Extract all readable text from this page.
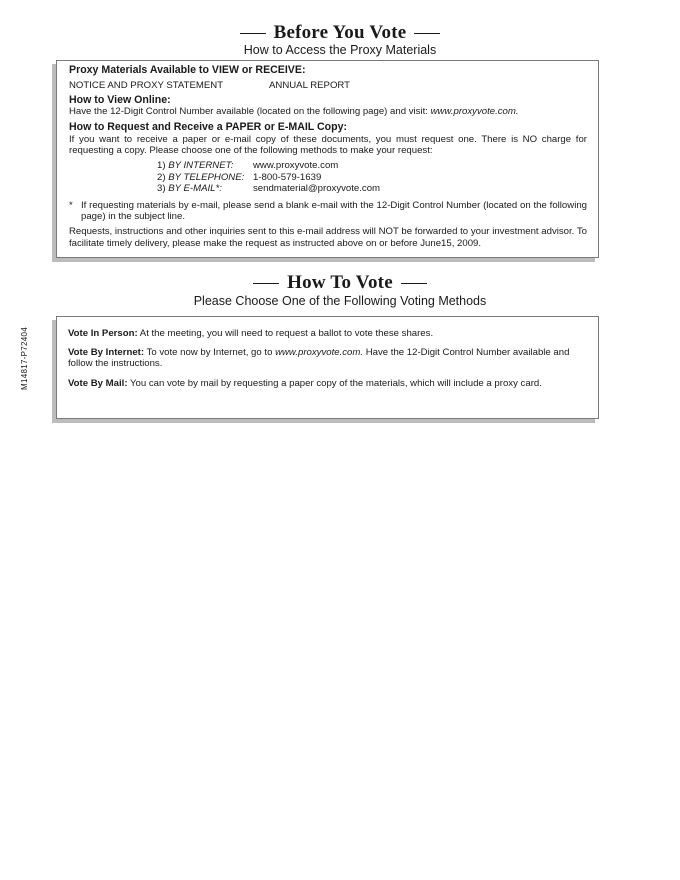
Before You Vote
How to Access the Proxy Materials
Proxy Materials Available to VIEW or RECEIVE:
NOTICE AND PROXY STATEMENT	ANNUAL REPORT
How to View Online:
Have the 12-Digit Control Number available (located on the following page) and visit: www.proxyvote.com.
How to Request and Receive a PAPER or E-MAIL Copy:
If you want to receive a paper or e-mail copy of these documents, you must request one. There is NO charge for requesting a copy. Please choose one of the following methods to make your request:
1) BY INTERNET:	www.proxyvote.com
2) BY TELEPHONE: 1-800-579-1639
3) BY E-MAIL*:	sendmaterial@proxyvote.com
* If requesting materials by e-mail, please send a blank e-mail with the 12-Digit Control Number (located on the following page) in the subject line.
Requests, instructions and other inquiries sent to this e-mail address will NOT be forwarded to your investment advisor. To facilitate timely delivery, please make the request as instructed above on or before June15, 2009.
How To Vote
Please Choose One of the Following Voting Methods
Vote In Person: At the meeting, you will need to request a ballot to vote these shares.
Vote By Internet: To vote now by Internet, go to www.proxyvote.com. Have the 12-Digit Control Number available and follow the instructions.
Vote By Mail: You can vote by mail by requesting a paper copy of the materials, which will include a proxy card.
M14817-P72404
